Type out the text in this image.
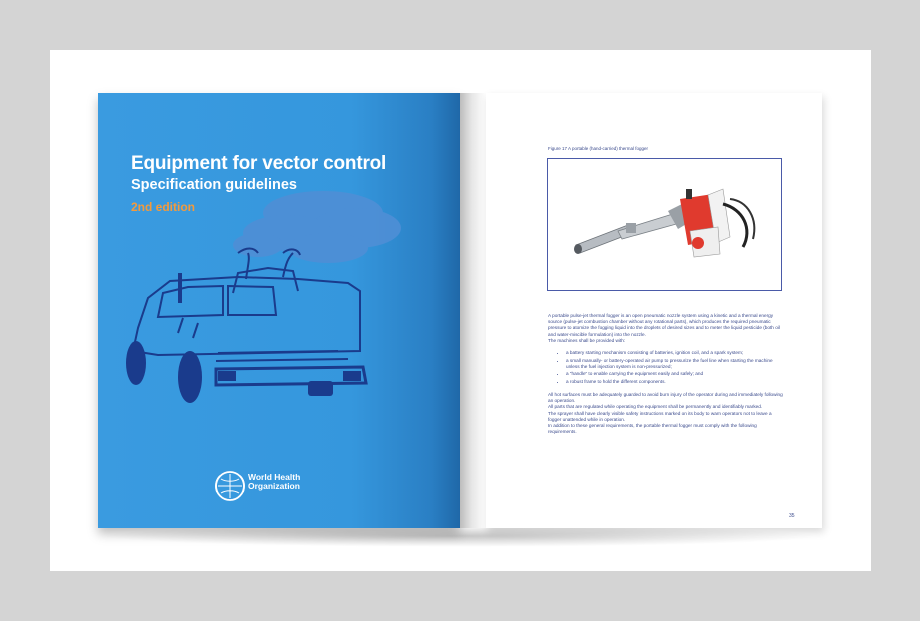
Equipment for vector control
Specification guidelines

2nd edition

World Health
Organization

Figure 17 A portable (hand-carried) thermal fogger

A portable pulse-jet thermal fogger is an open pneumatic nozzle system using a kinetic and a thermal energy source (pulse-jet combustion chamber without any rotational parts), which produces the required pneumatic pressure to atomize the fogging liquid into the droplets of desired sizes and to meter the liquid pesticide (both oil and water-miscible formulation) into the nozzle.

The machines shall be provided with:

• a battery starting mechanism consisting of batteries, ignition coil, and a spark system;
• a small manually- or battery-operated air pump to pressurize the fuel line when starting the machine unless the fuel injection system is non-pressurized;
• a “handle” to enable carrying the equipment easily and safely; and
• a robust frame to hold the different components.

All hot surfaces must be adequately guarded to avoid burn injury of the operator during and immediately following an operation.

All parts that are regulated while operating the equipment shall be permanently and identifiably marked.

The sprayer shall have clearly visible safety instructions marked on its body to warn operators not to leave a fogger unattended while in operation.

In addition to these general requirements, the portable thermal fogger must comply with the following requirements.

35
